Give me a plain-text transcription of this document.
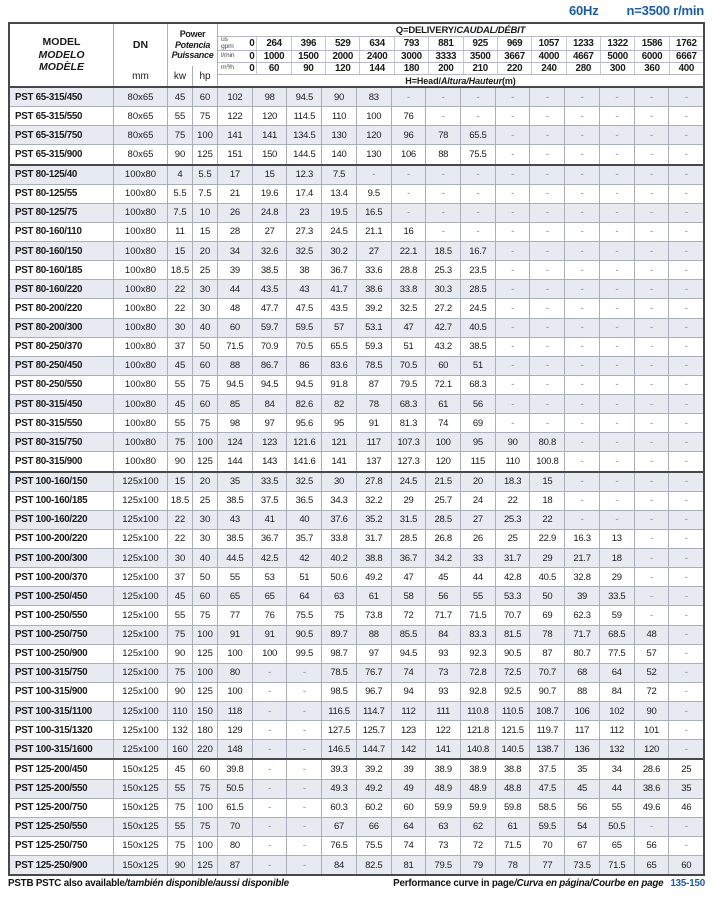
60Hz n=3500 r/min
MODEL
MODELO
MODÈLE
DN
mm
Power
Potencia
Puissance
kw	hp
Q=DELIVERY/ CAUDAL/DÉBIT
us
gpm 0	264	396	529	634	793	881	925	969	1057	1233	1322	1586	1762
l/min 0 1000	1500	2000	2400	3000	3333	3500	3667	4000	4667	5000	6000	6667
m³/h 0	60	90	120	144	180	200	210	220	240	280	300	360	400
H=Head/ Altura/Hauteur (m)
PST 65-315/450	80x65	45	60	102	98	94.5	90	83	-	-	-	-	-	-	-	-	-
PST 65-315/550	80x65	55	75	122	120	114.5	110	100	76	-	-	-	-	-	-	-	-
PST 65-315/750	80x65	75	100	141	141	134.5	130	120	96	78	65.5	-	-	-	-	-	-
PST 65-315/900	80x65	90	125	151	150	144.5	140	130	106	88	75.5	-	-	-	-	-	-
PST 80-125/40	100x80	4	5.5	17	15	12.3	7.5	-	-	-	-	-	-	-	-	-	-
PST 80-125/55	100x80	5.5	7.5	21	19.6	17.4	13.4	9.5	-	-	-	-	-	-	-	-	-
PST 80-125/75	100x80	7.5	10	26	24.8	23	19.5	16.5	-	-	-	-	-	-	-	-	-
PST 80-160/110	100x80	11	15	28	27	27.3	24.5	21.1	16	-	-	-	-	-	-	-	-
PST 80-160/150	100x80	15	20	34	32.6	32.5	30.2	27	22.1	18.5	16.7	-	-	-	-	-	-
PST 80-160/185	100x80	18.5	25	39	38.5	38	36.7	33.6	28.8	25.3	23.5	-	-	-	-	-	-
PST 80-160/220	100x80	22	30	44	43.5	43	41.7	38.6	33.8	30.3	28.5	-	-	-	-	-	-
PST 80-200/220	100x80	22	30	48	47.7	47.5	43.5	39.2	32.5	27.2	24.5	-	-	-	-	-	-
PST 80-200/300	100x80	30	40	60	59.7	59.5	57	53.1	47	42.7	40.5	-	-	-	-	-	-
PST 80-250/370	100x80	37	50	71.5	70.9	70.5	65.5	59.3	51	43.2	38.5	-	-	-	-	-	-
PST 80-250/450	100x80	45	60	88	86.7	86	83.6	78.5	70.5	60	51	-	-	-	-	-	-
PST 80-250/550	100x80	55	75	94.5	94.5	94.5	91.8	87	79.5	72.1	68.3	-	-	-	-	-	-
PST 80-315/450	100x80	45	60	85	84	82.6	82	78	68.3	61	56	-	-	-	-	-	-
PST 80-315/550	100x80	55	75	98	97	95.6	95	91	81.3	74	69	-	-	-	-	-	-
PST 80-315/750	100x80	75	100	124	123	121.6	121	117	107.3	100	95	90	80.8	-	-	-	-
PST 80-315/900	100x80	90	125	144	143	141.6	141	137	127.3	120	115	110	100.8	-	-	-	-
PST 100-160/150	125x100	15	20	35	33.5	32.5	30	27.8	24.5	21.5	20	18.3	15	-	-	-	-
PST 100-160/185	125x100	18.5	25	38.5	37.5	36.5	34.3	32.2	29	25.7	24	22	18	-	-	-	-
PST 100-160/220	125x100	22	30	43	41	40	37.6	35.2	31.5	28.5	27	25.3	22	-	-	-	-
PST 100-200/220	125x100	22	30	38.5	36.7	35.7	33.8	31.7	28.5	26.8	26	25	22.9	16.3	13	-	-
PST 100-200/300	125x100	30	40	44.5	42.5	42	40.2	38.8	36.7	34.2	33	31.7	29	21.7	18	-	-
PST 100-200/370	125x100	37	50	55	53	51	50.6	49.2	47	45	44	42.8	40.5	32.8	29	-	-
PST 100-250/450	125x100	45	60	65	65	64	63	61	58	56	55	53.3	50	39	33.5	-	-
PST 100-250/550	125x100	55	75	77	76	75.5	75	73.8	72	71.7	71.5	70.7	69	62.3	59	-	-
PST 100-250/750	125x100	75	100	91	91	90.5	89.7	88	85.5	84	83.3	81.5	78	71.7	68.5	48	-
PST 100-250/900	125x100	90	125	100	100	99.5	98.7	97	94.5	93	92.3	90.5	87	80.7	77.5	57	-
PST 100-315/750	125x100	75	100	80	-	-	78.5	76.7	74	73	72.8	72.5	70.7	68	64	52	-
PST 100-315/900	125x100	90	125	100	-	-	98.5	96.7	94	93	92.8	92.5	90.7	88	84	72	-
PST 100-315/1100	125x100	110 150	118	-	-	116.5	114.7	112	111	110.8	110.5	108.7	106	102	90	-
PST 100-315/1320	125x100	132 180	129	-	-	127.5	125.7	123	122	121.8	121.5	119.7	117	112	101	-
PST 100-315/1600	125x100	160 220	148	-	-	146.5	144.7	142	141	140.8	140.5	138.7	136	132	120	-
PST 125-200/450	150x125	45	60	39.8	-	-	39.3	39.2	39	38.9	38.9	38.8	37.5	35	34	28.6	25
PST 125-200/550	150x125	55	75	50.5	-	-	49.3	49.2	49	48.9	48.9	48.8	47.5	45	44	38.6	35
PST 125-200/750	150x125	75	100	61.5	-	-	60.3	60.2	60	59.9	59.9	59.8	58.5	56	55	49.6	46
PST 125-250/550	150x125	55	75	70	-	-	67	66	64	63	62	61	59.5	54	50.5	-	-
PST 125-250/750	150x125	75	100	80	-	-	76.5	75.5	74	73	72	71.5	70	67	65	56	-
PST 125-250/900	150x125	90	125	87	-	-	84	82.5	81	79.5	79	78	77	73.5	71.5	65	60
PSTB PSTC also available/también disponible/aussi disponible	Performance curve in page/Curva en página/Courbe en page 135-150
